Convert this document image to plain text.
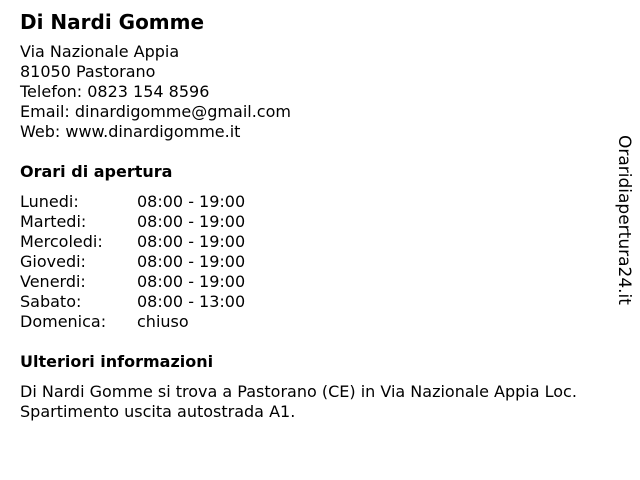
Di Nardi Gomme
Via Nazionale Appia
81050 Pastorano
Telefon: 0823 154 8596
Email: dinardigomme@gmail.com
Web: www.dinardigomme.it
Orari di apertura
Lunedi:	08:00 - 19:00
Martedi:	08:00 - 19:00
Mercoledi:	08:00 - 19:00
Giovedi:	08:00 - 19:00
Venerdi:	08:00 - 19:00
Sabato:	08:00 - 13:00
Domenica:	chiuso
Ulteriori informazioni
Di Nardi Gomme si trova a Pastorano (CE) in Via Nazionale Appia Loc. Spartimento uscita autostrada A1.
Oraridiapertura24.it
